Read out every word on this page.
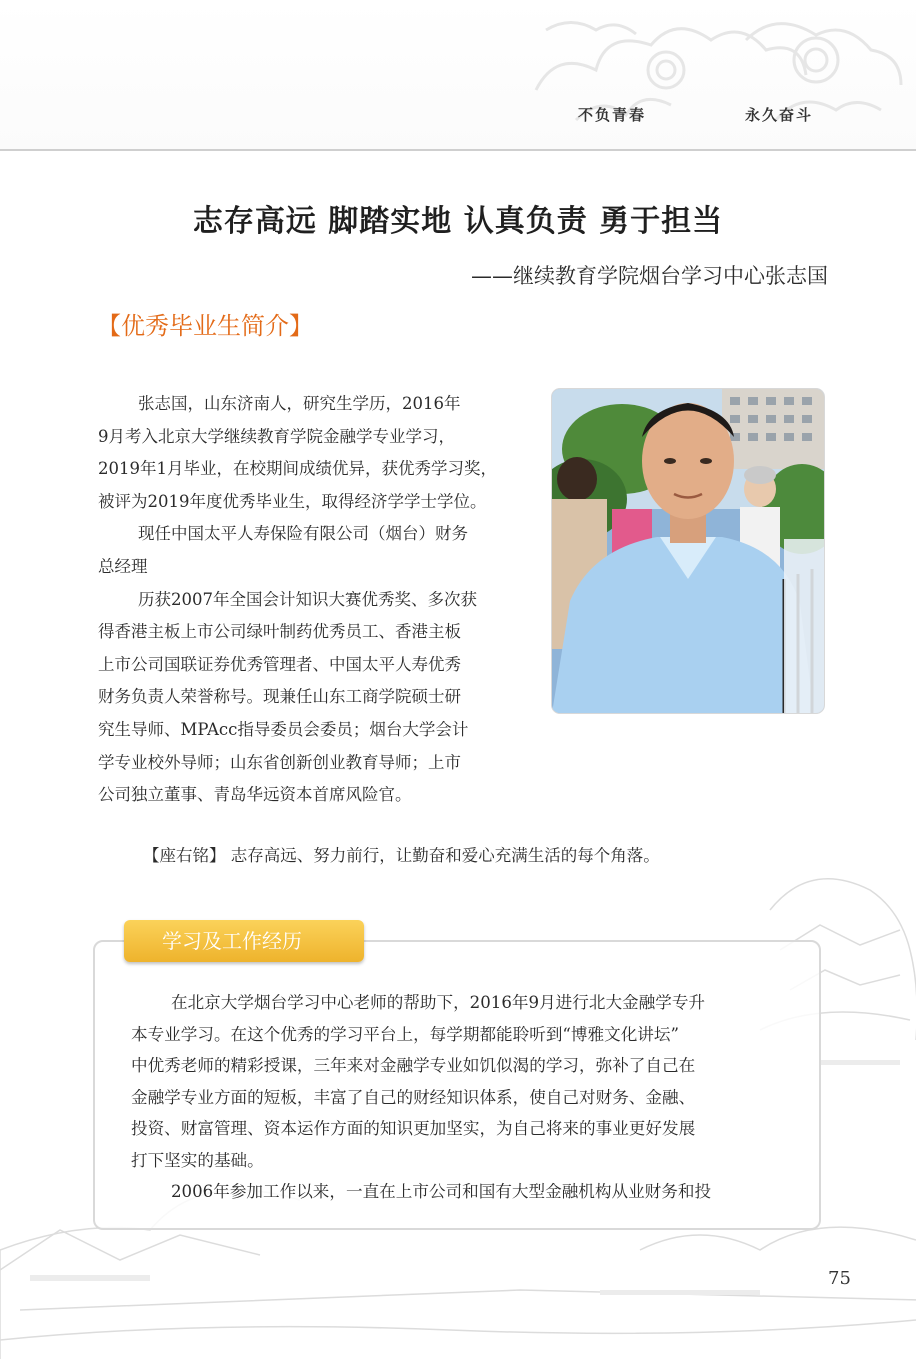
不负青春	永久奋斗
志存高远 脚踏实地 认真负责 勇于担当
——继续教育学院烟台学习中心张志国
【优秀毕业生简介】
张志国，山东济南人，研究生学历，2016年
9月考入北京大学继续教育学院金融学专业学习，
2019年1月毕业，在校期间成绩优异，获优秀学习奖，
被评为2019年度优秀毕业生，取得经济学学士学位。
现任中国太平人寿保险有限公司（烟台）财务
总经理
历获2007年全国会计知识大赛优秀奖、多次获
得香港主板上市公司绿叶制药优秀员工、香港主板
上市公司国联证券优秀管理者、中国太平人寿优秀
财务负责人荣誉称号。现兼任山东工商学院硕士研
究生导师、MPAcc指导委员会委员；烟台大学会计
学专业校外导师；山东省创新创业教育导师；上市
公司独立董事、青岛华远资本首席风险官。
【座右铭】 志存高远、努力前行，让勤奋和爱心充满生活的每个角落。
学习及工作经历
在北京大学烟台学习中心老师的帮助下，2016年9月进行北大金融学专升
本专业学习。在这个优秀的学习平台上，每学期都能聆听到“博雅文化讲坛”
中优秀老师的精彩授课，三年来对金融学专业如饥似渴的学习，弥补了自己在
金融学专业方面的短板，丰富了自己的财经知识体系，使自己对财务、金融、
投资、财富管理、资本运作方面的知识更加坚实，为自己将来的事业更好发展
打下坚实的基础。
2006年参加工作以来，一直在上市公司和国有大型金融机构从业财务和投
75
